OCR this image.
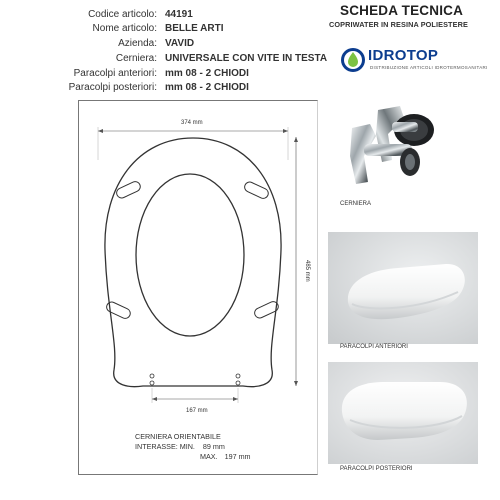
SCHEDA TECNICA
COPRIWATER IN RESINA POLIESTERE
Codice articolo: 44191
Nome articolo: BELLE ARTI
Azienda: VAVID
Cerniera: UNIVERSALE CON VITE IN TESTA
Paracolpi anteriori: mm 08 - 2 CHIODI
Paracolpi posteriori: mm 08 - 2 CHIODI
IDROTOP
DISTRIBUZIONE ARTICOLI IDROTERMOSANITARI
374 mm
485 mm
167 mm
CERNIERA ORIENTABILE
INTERASSE: MIN. 89 mm
MAX. 197 mm
CERNIERA
PARACOLPI ANTERIORI
PARACOLPI POSTERIORI
